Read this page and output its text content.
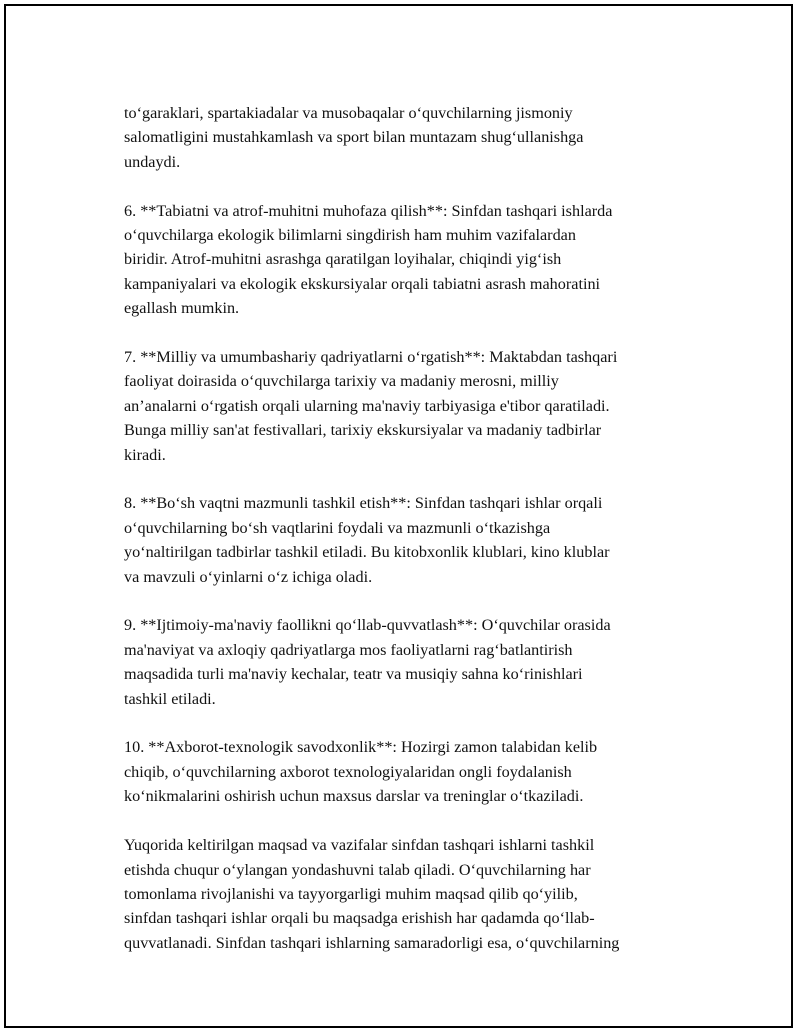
to‘garaklari, spartakiadalar va musobaqalar o‘quvchilarning jismoniy
salomatligini mustahkamlash va sport bilan muntazam shug‘ullanishga
undaydi.

6. **Tabiatni va atrof-muhitni muhofaza qilish**: Sinfdan tashqari ishlarda
o‘quvchilarga ekologik bilimlarni singdirish ham muhim vazifalardan
biridir. Atrof-muhitni asrashga qaratilgan loyihalar, chiqindi yig‘ish
kampaniyalari va ekologik ekskursiyalar orqali tabiatni asrash mahoratini
egallash mumkin.

7. **Milliy va umumbashariy qadriyatlarni o‘rgatish**: Maktabdan tashqari
faoliyat doirasida o‘quvchilarga tarixiy va madaniy merosni, milliy
an’analarni o‘rgatish orqali ularning ma'naviy tarbiyasiga e'tibor qaratiladi.
Bunga milliy san'at festivallari, tarixiy ekskursiyalar va madaniy tadbirlar
kiradi.

8. **Bo‘sh vaqtni mazmunli tashkil etish**: Sinfdan tashqari ishlar orqali
o‘quvchilarning bo‘sh vaqtlarini foydali va mazmunli o‘tkazishga
yo‘naltirilgan tadbirlar tashkil etiladi. Bu kitobxonlik klublari, kino klublar
va mavzuli o‘yinlarni o‘z ichiga oladi.

9. **Ijtimoiy-ma'naviy faollikni qo‘llab-quvvatlash**: O‘quvchilar orasida
ma'naviyat va axloqiy qadriyatlarga mos faoliyatlarni rag‘batlantirish
maqsadida turli ma'naviy kechalar, teatr va musiqiy sahna ko‘rinishlari
tashkil etiladi.

10. **Axborot-texnologik savodxonlik**: Hozirgi zamon talabidan kelib
chiqib, o‘quvchilarning axborot texnologiyalaridan ongli foydalanish
ko‘nikmalarini oshirish uchun maxsus darslar va treninglar o‘tkaziladi.

Yuqorida keltirilgan maqsad va vazifalar sinfdan tashqari ishlarni tashkil
etishda chuqur o‘ylangan yondashuvni talab qiladi. O‘quvchilarning har
tomonlama rivojlanishi va tayyorgarligi muhim maqsad qilib qo‘yilib,
sinfdan tashqari ishlar orqali bu maqsadga erishish har qadamda qo‘llab-
quvvatlanadi. Sinfdan tashqari ishlarning samaradorligi esa, o‘quvchilarning
